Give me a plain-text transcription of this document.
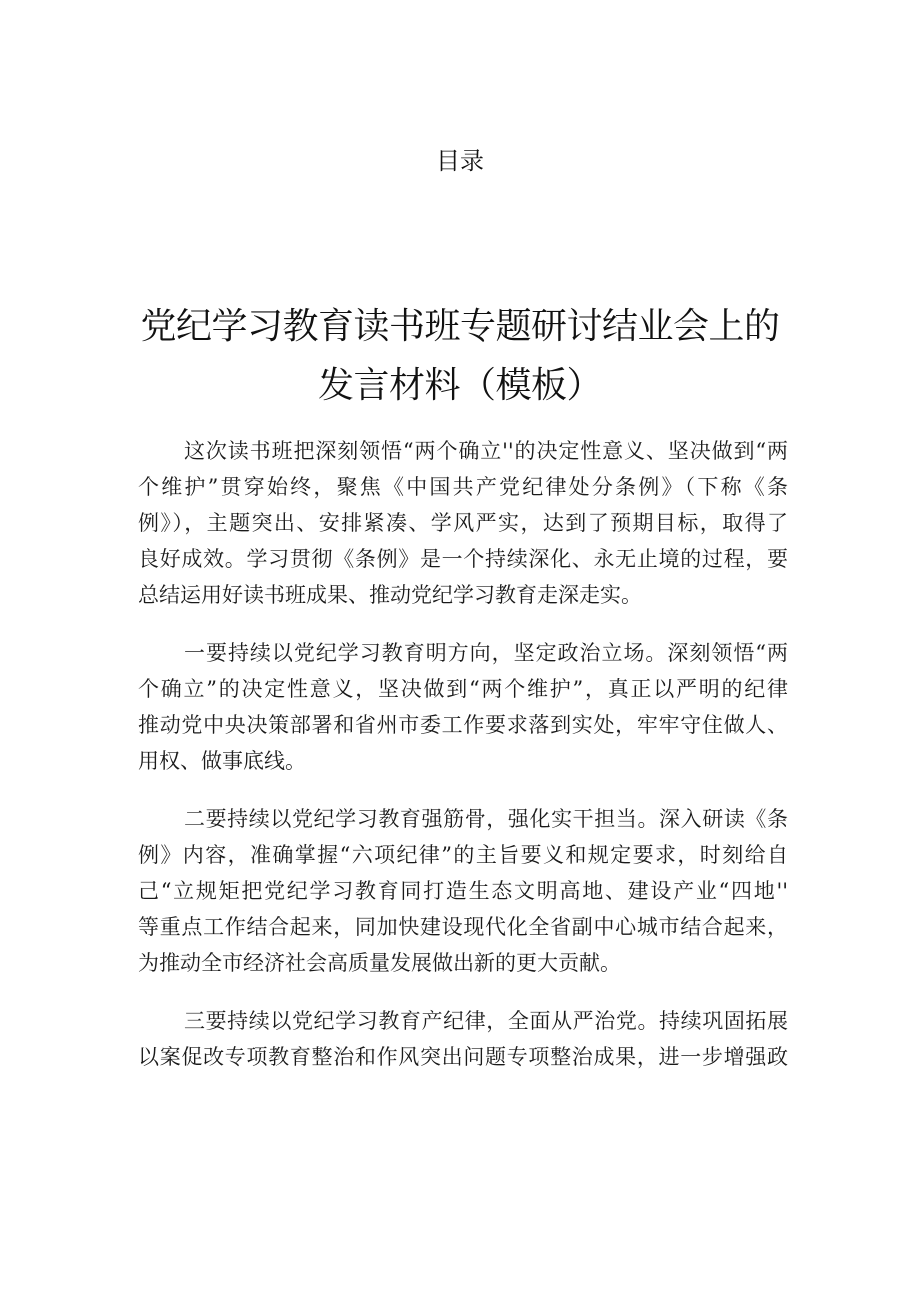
目录
党纪学习教育读书班专题研讨结业会上的
发言材料（模板）

这次读书班把深刻领悟“两个确立''的决定性意义、坚决做到“两
个维护”贯穿始终，聚焦《中国共产党纪律处分条例》（下称《条
例》），主题突出、安排紧凑、学风严实，达到了预期目标，取得了
良好成效。学习贯彻《条例》是一个持续深化、永无止境的过程，要
总结运用好读书班成果、推动党纪学习教育走深走实。

一要持续以党纪学习教育明方向，坚定政治立场。深刻领悟“两
个确立”的决定性意义，坚决做到“两个维护”，真正以严明的纪律
推动党中央决策部署和省州市委工作要求落到实处，牢牢守住做人、
用权、做事底线。

二要持续以党纪学习教育强筋骨，强化实干担当。深入研读《条
例》内容，准确掌握“六项纪律”的主旨要义和规定要求，时刻给自
己“立规矩把党纪学习教育同打造生态文明高地、建设产业“四地''
等重点工作结合起来，同加快建设现代化全省副中心城市结合起来，
为推动全市经济社会高质量发展做出新的更大贡献。

三要持续以党纪学习教育产纪律，全面从严治党。持续巩固拓展
以案促改专项教育整治和作风突出问题专项整治成果，进一步增强政
